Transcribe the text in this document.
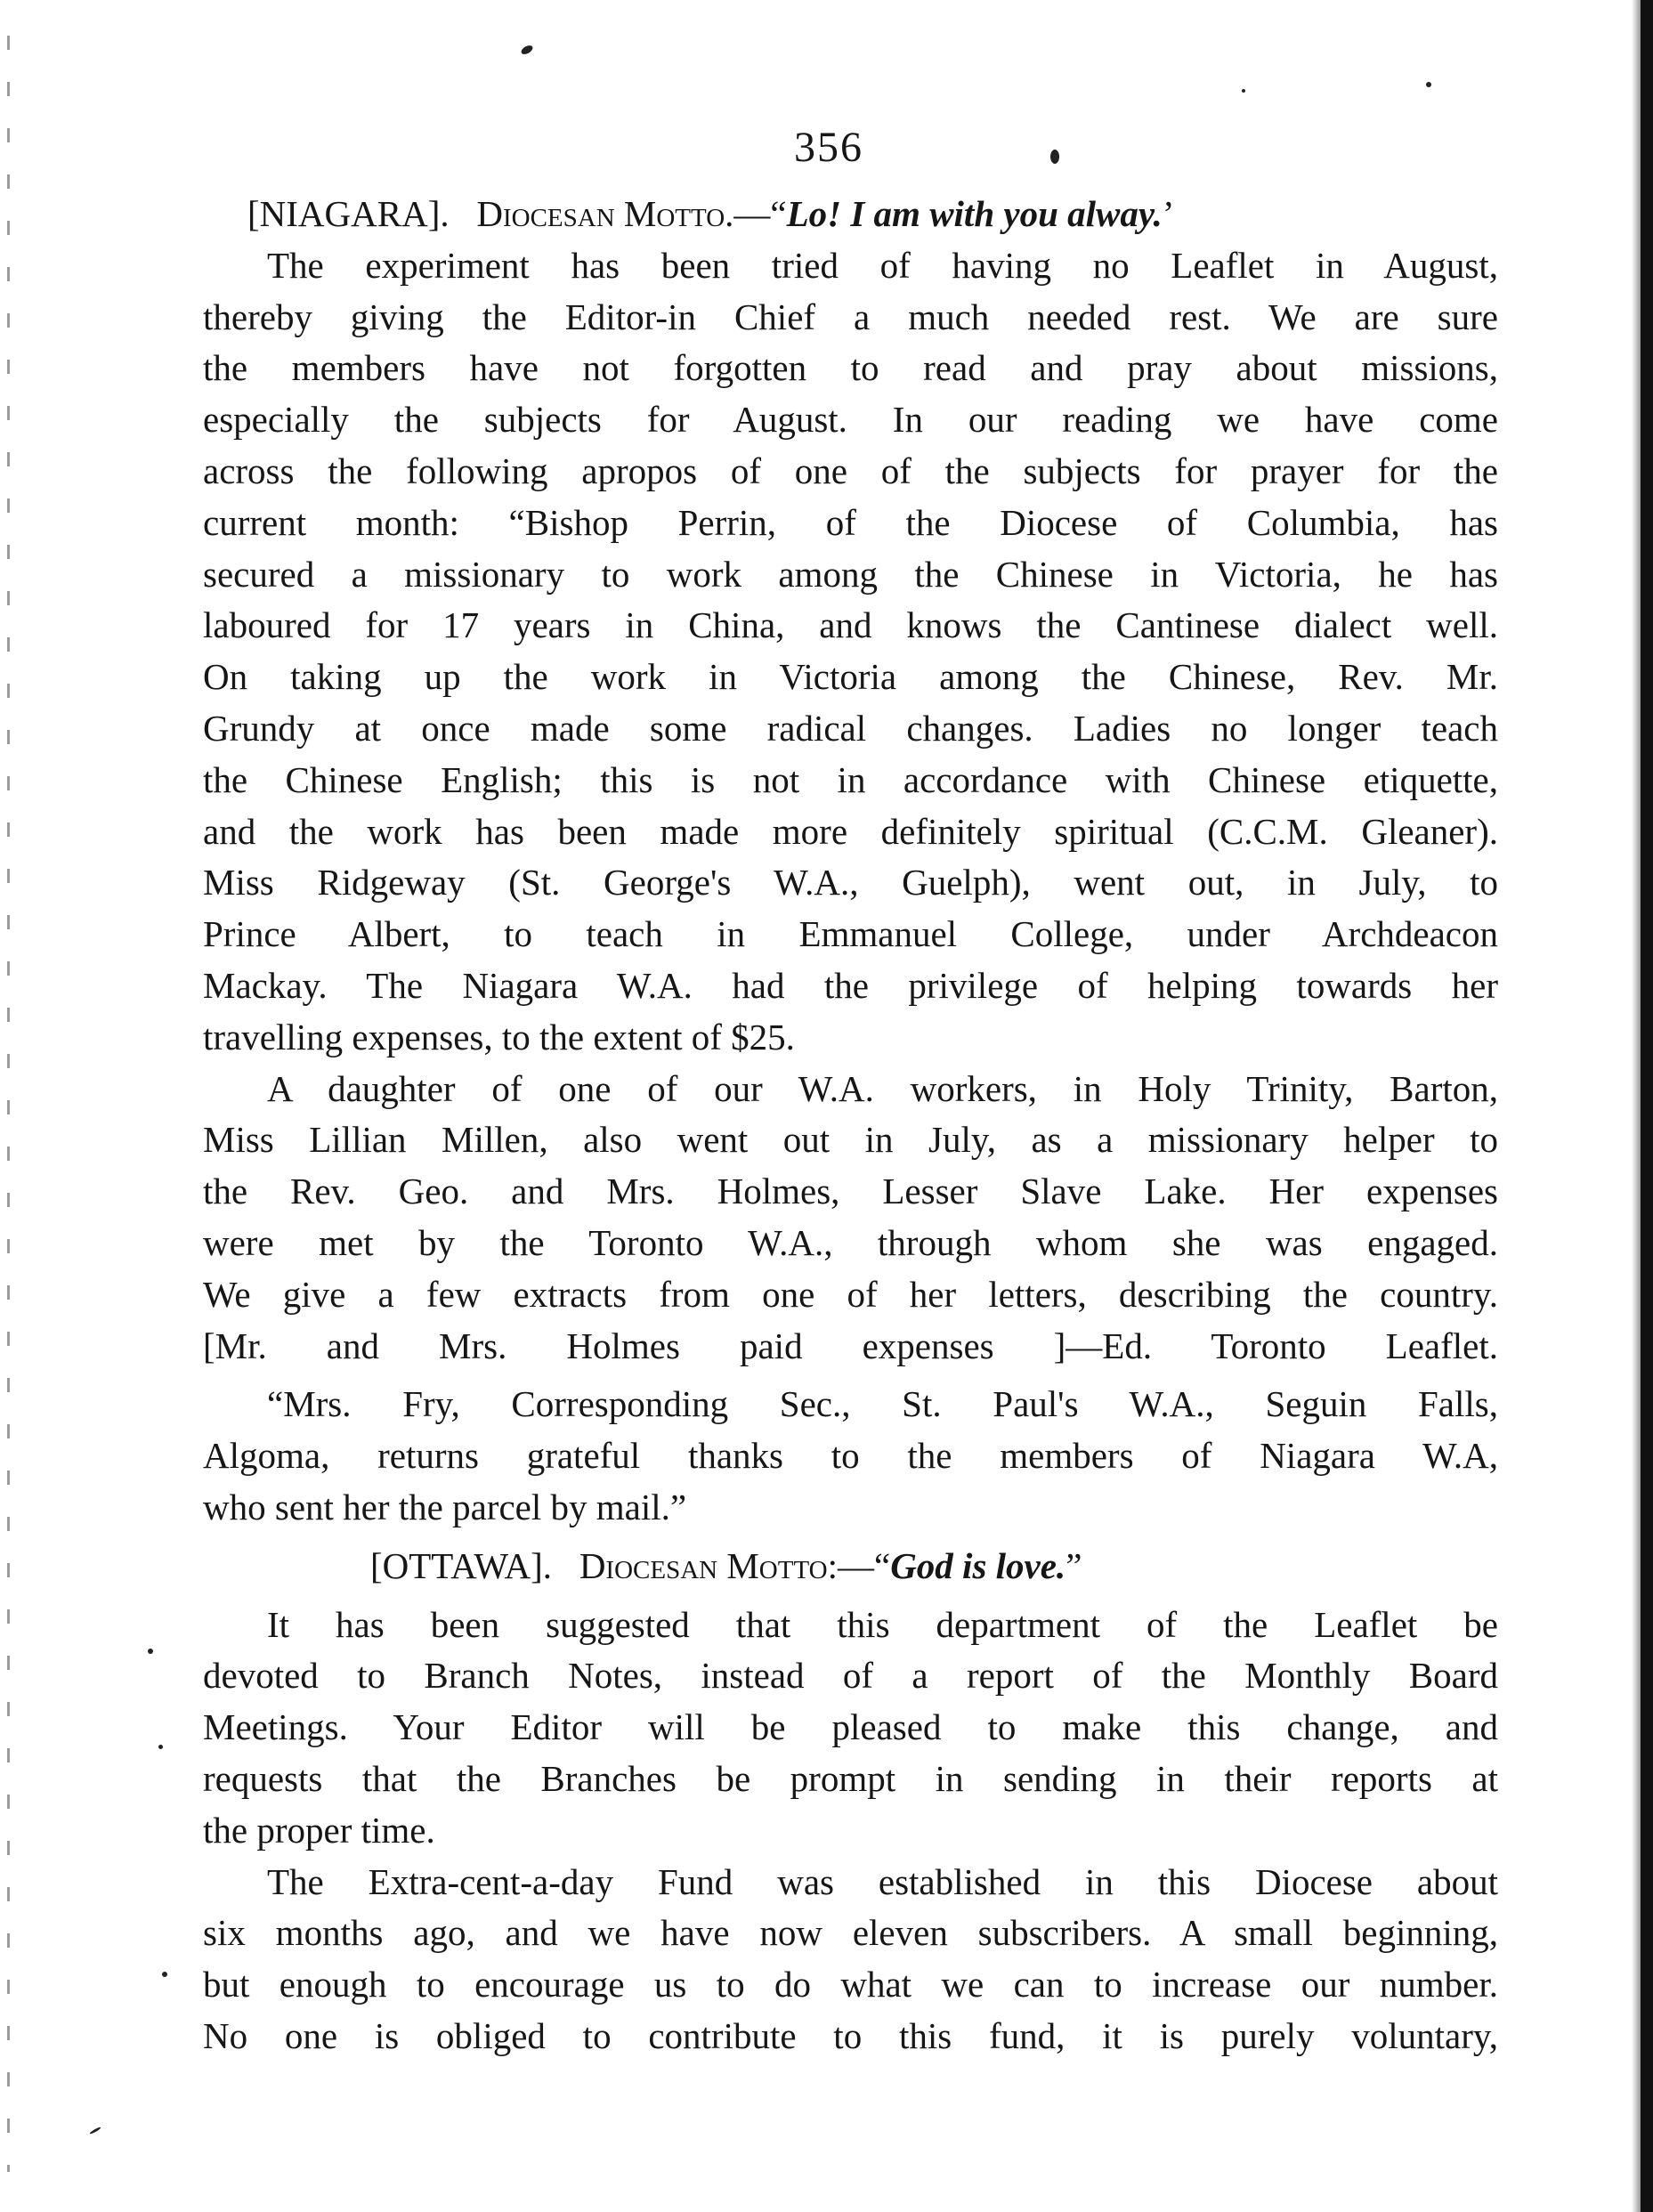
356
[NIAGARA]. Diocesan Motto.—“Lo! I am with you alway.’
The experiment has been tried of having no Leaflet in August,
thereby giving the Editor-in Chief a much needed rest. We are sure
the members have not forgotten to read and pray about missions,
especially the subjects for August. In our reading we have come
across the following apropos of one of the subjects for prayer for the
current month: “Bishop Perrin, of the Diocese of Columbia, has
secured a missionary to work among the Chinese in Victoria, he has
laboured for 17 years in China, and knows the Cantinese dialect well.
On taking up the work in Victoria among the Chinese, Rev. Mr.
Grundy at once made some radical changes. Ladies no longer teach
the Chinese English; this is not in accordance with Chinese etiquette,
and the work has been made more definitely spiritual (C.C.M. Gleaner).
Miss Ridgeway (St. George's W.A., Guelph), went out, in July, to
Prince Albert, to teach in Emmanuel College, under Archdeacon
Mackay. The Niagara W.A. had the privilege of helping towards her
travelling expenses, to the extent of $25.
A daughter of one of our W.A. workers, in Holy Trinity, Barton,
Miss Lillian Millen, also went out in July, as a missionary helper to
the Rev. Geo. and Mrs. Holmes, Lesser Slave Lake. Her expenses
were met by the Toronto W.A., through whom she was engaged.
We give a few extracts from one of her letters, describing the country.
[Mr. and Mrs. Holmes paid expenses ]—Ed. Toronto Leaflet.
“Mrs. Fry, Corresponding Sec., St. Paul's W.A., Seguin Falls,
Algoma, returns grateful thanks to the members of Niagara W.A,
who sent her the parcel by mail.”
[OTTAWA]. Diocesan Motto:—“God is love.”
It has been suggested that this department of the Leaflet be
devoted to Branch Notes, instead of a report of the Monthly Board
Meetings. Your Editor will be pleased to make this change, and
requests that the Branches be prompt in sending in their reports at
the proper time.
The Extra-cent-a-day Fund was established in this Diocese about
six months ago, and we have now eleven subscribers. A small beginning,
but enough to encourage us to do what we can to increase our number.
No one is obliged to contribute to this fund, it is purely voluntary,
